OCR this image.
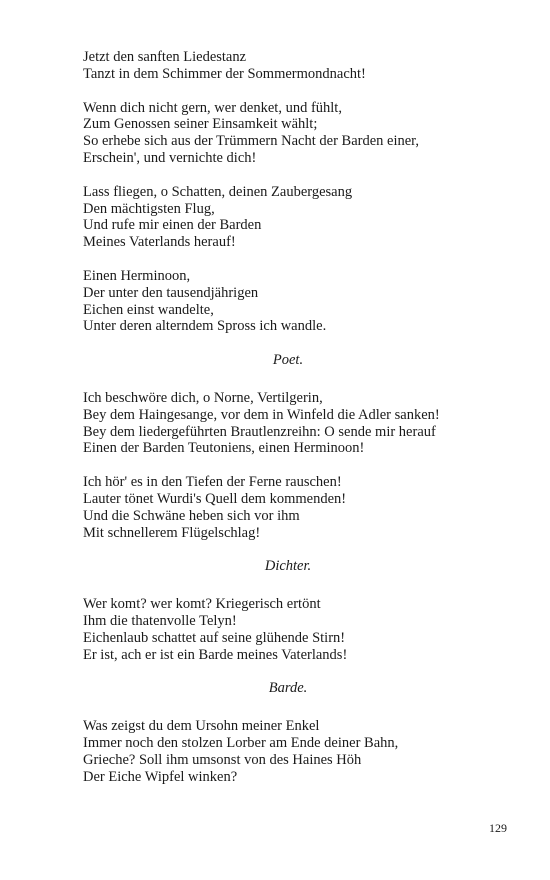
Jetzt den sanften Liedestanz
Tanzt in dem Schimmer der Sommermondnacht!
Wenn dich nicht gern, wer denket, und fühlt,
Zum Genossen seiner Einsamkeit wählt;
So erhebe sich aus der Trümmern Nacht der Barden einer,
Erschein', und vernichte dich!
Lass fliegen, o Schatten, deinen Zaubergesang
Den mächtigsten Flug,
Und rufe mir einen der Barden
Meines Vaterlands herauf!
Einen Herminoon,
Der unter den tausendjährigen
Eichen einst wandelte,
Unter deren alterndem Spross ich wandle.
Poet.
Ich beschwöre dich, o Norne, Vertilgerin,
Bey dem Haingesange, vor dem in Winfeld die Adler sanken!
Bey dem liedergeführten Brautlenzreihn: O sende mir herauf
Einen der Barden Teutoniens, einen Herminoon!
Ich hör' es in den Tiefen der Ferne rauschen!
Lauter tönet Wurdi's Quell dem kommenden!
Und die Schwäne heben sich vor ihm
Mit schnellerem Flügelschlag!
Dichter.
Wer komt? wer komt? Kriegerisch ertönt
Ihm die thatenvolle Telyn!
Eichenlaub schattet auf seine glühende Stirn!
Er ist, ach er ist ein Barde meines Vaterlands!
Barde.
Was zeigst du dem Ursohn meiner Enkel
Immer noch den stolzen Lorber am Ende deiner Bahn,
Grieche? Soll ihm umsonst von des Haines Höh
Der Eiche Wipfel winken?
129
